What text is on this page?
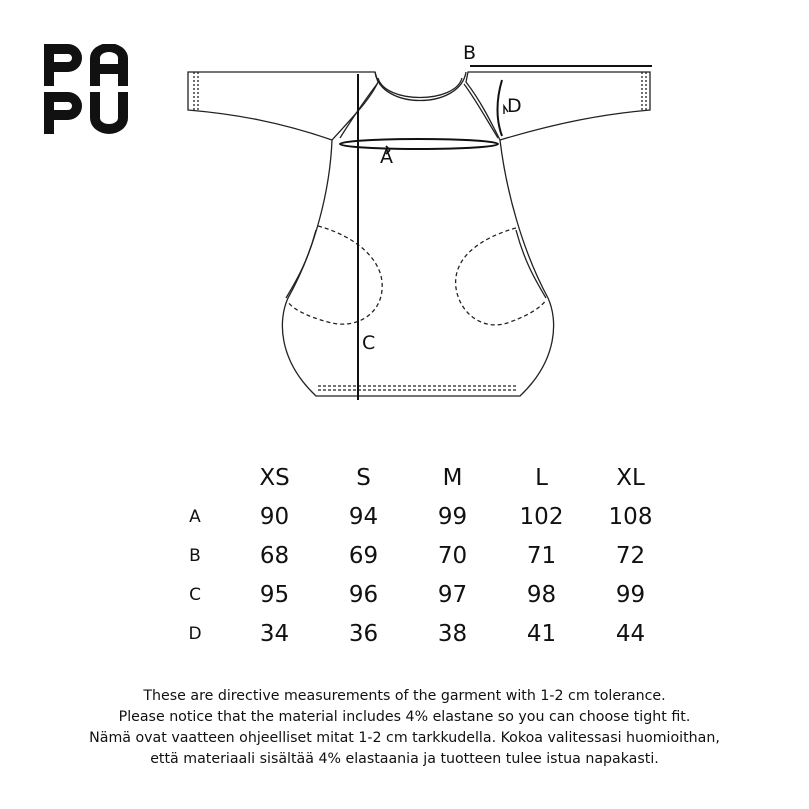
A
B
C
D
	XS	S	M	L	XL
A	90	94	99	102	108
B	68	69	70	71	72
C	95	96	97	98	99
D	34	36	38	41	44
These are directive measurements of the garment with 1-2 cm tolerance.
Please notice that the material includes 4% elastane so you can choose tight fit.
Nämä ovat vaatteen ohjeelliset mitat 1-2 cm tarkkudella. Kokoa valitessasi huomioithan,
että materiaali sisältää 4% elastaania ja tuotteen tulee istua napakasti.
